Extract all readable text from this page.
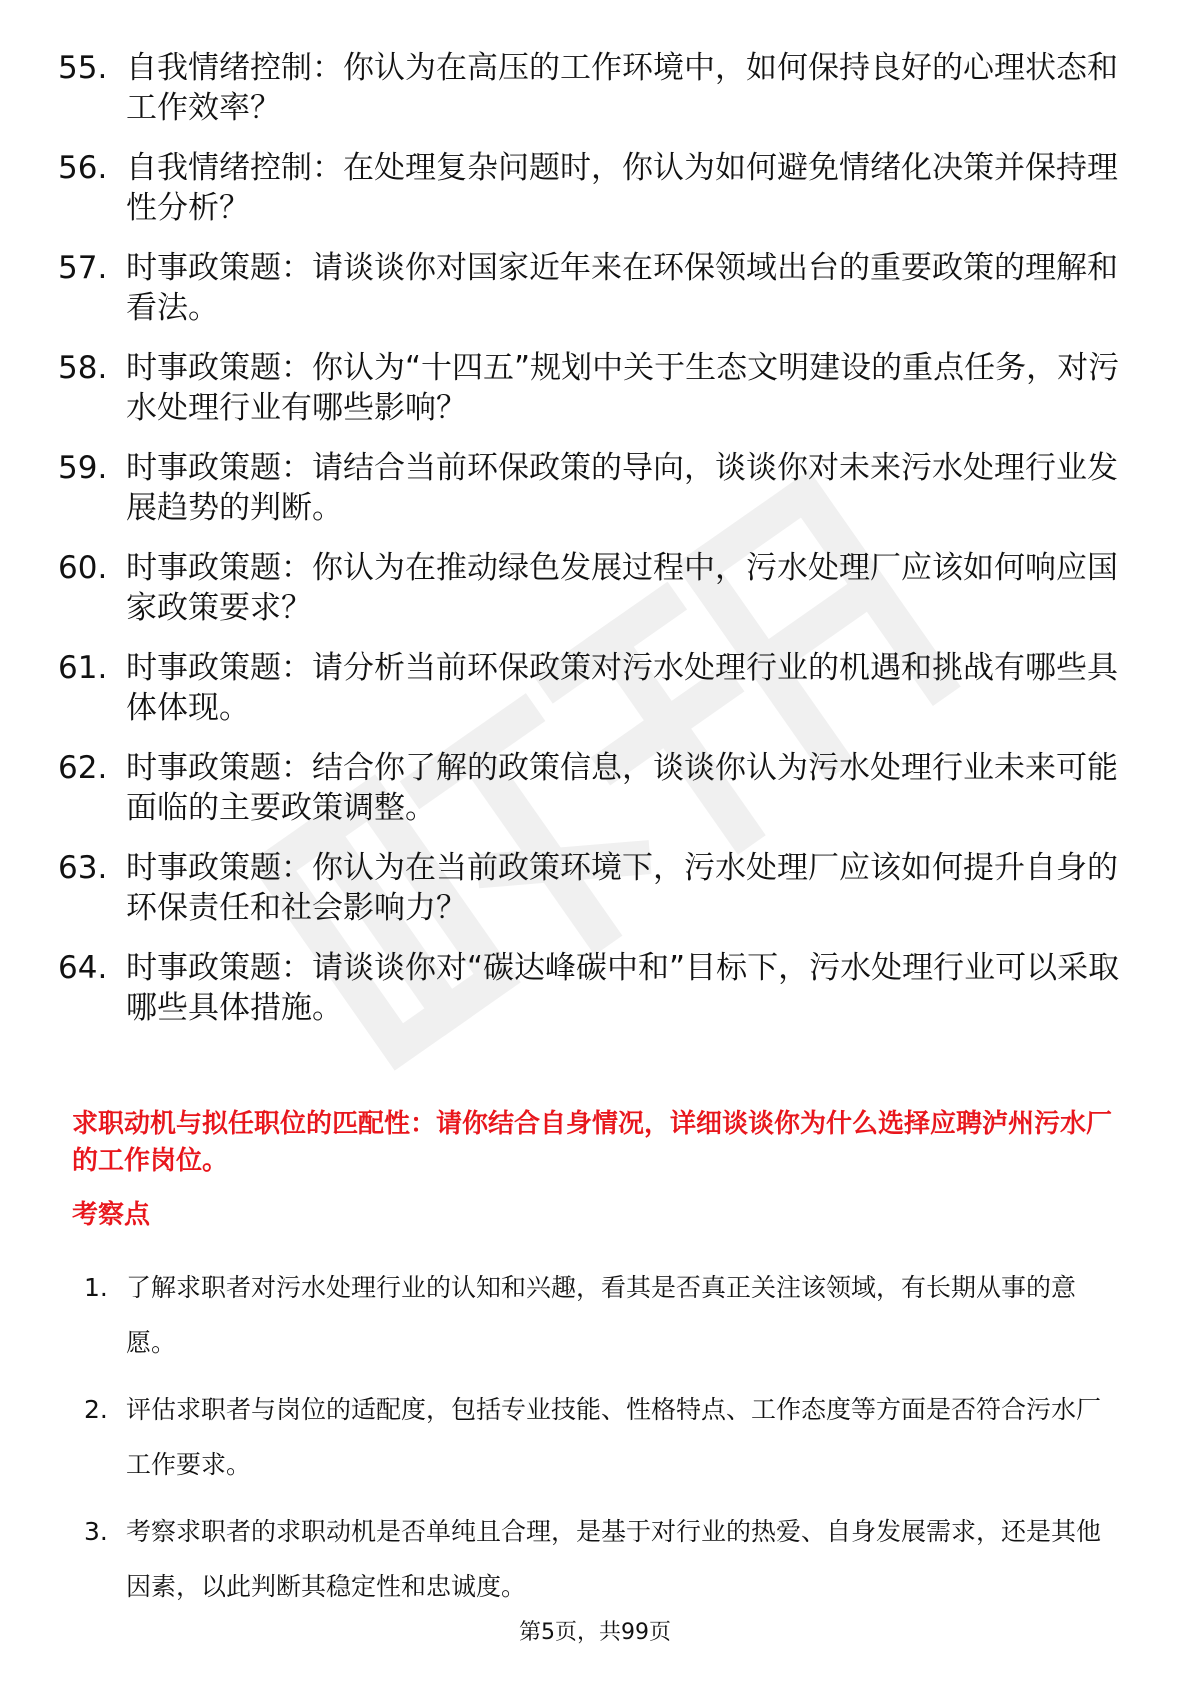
55. 自我情绪控制：你认为在高压的工作环境中，如何保持良好的心理状态和工作效率？
56. 自我情绪控制：在处理复杂问题时，你认为如何避免情绪化决策并保持理性分析？
57. 时事政策题：请谈谈你对国家近年来在环保领域出台的重要政策的理解和看法。
58. 时事政策题：你认为“十四五”规划中关于生态文明建设的重点任务，对污水处理行业有哪些影响？
59. 时事政策题：请结合当前环保政策的导向，谈谈你对未来污水处理行业发展趋势的判断。
60. 时事政策题：你认为在推动绿色发展过程中，污水处理厂应该如何响应国家政策要求？
61. 时事政策题：请分析当前环保政策对污水处理行业的机遇和挑战有哪些具体体现。
62. 时事政策题：结合你了解的政策信息，谈谈你认为污水处理行业未来可能面临的主要政策调整。
63. 时事政策题：你认为在当前政策环境下，污水处理厂应该如何提升自身的环保责任和社会影响力？
64. 时事政策题：请谈谈你对“碳达峰碳中和”目标下，污水处理行业可以采取哪些具体措施。

求职动机与拟任职位的匹配性：请你结合自身情况，详细谈谈你为什么选择应聘泸州污水厂的工作岗位。

考察点

1. 了解求职者对污水处理行业的认知和兴趣，看其是否真正关注该领域，有长期从事的意愿。
2. 评估求职者与岗位的适配度，包括专业技能、性格特点、工作态度等方面是否符合污水厂工作要求。
3. 考察求职者的求职动机是否单纯且合理，是基于对行业的热爱、自身发展需求，还是其他因素，以此判断其稳定性和忠诚度。
第5页，共99页
